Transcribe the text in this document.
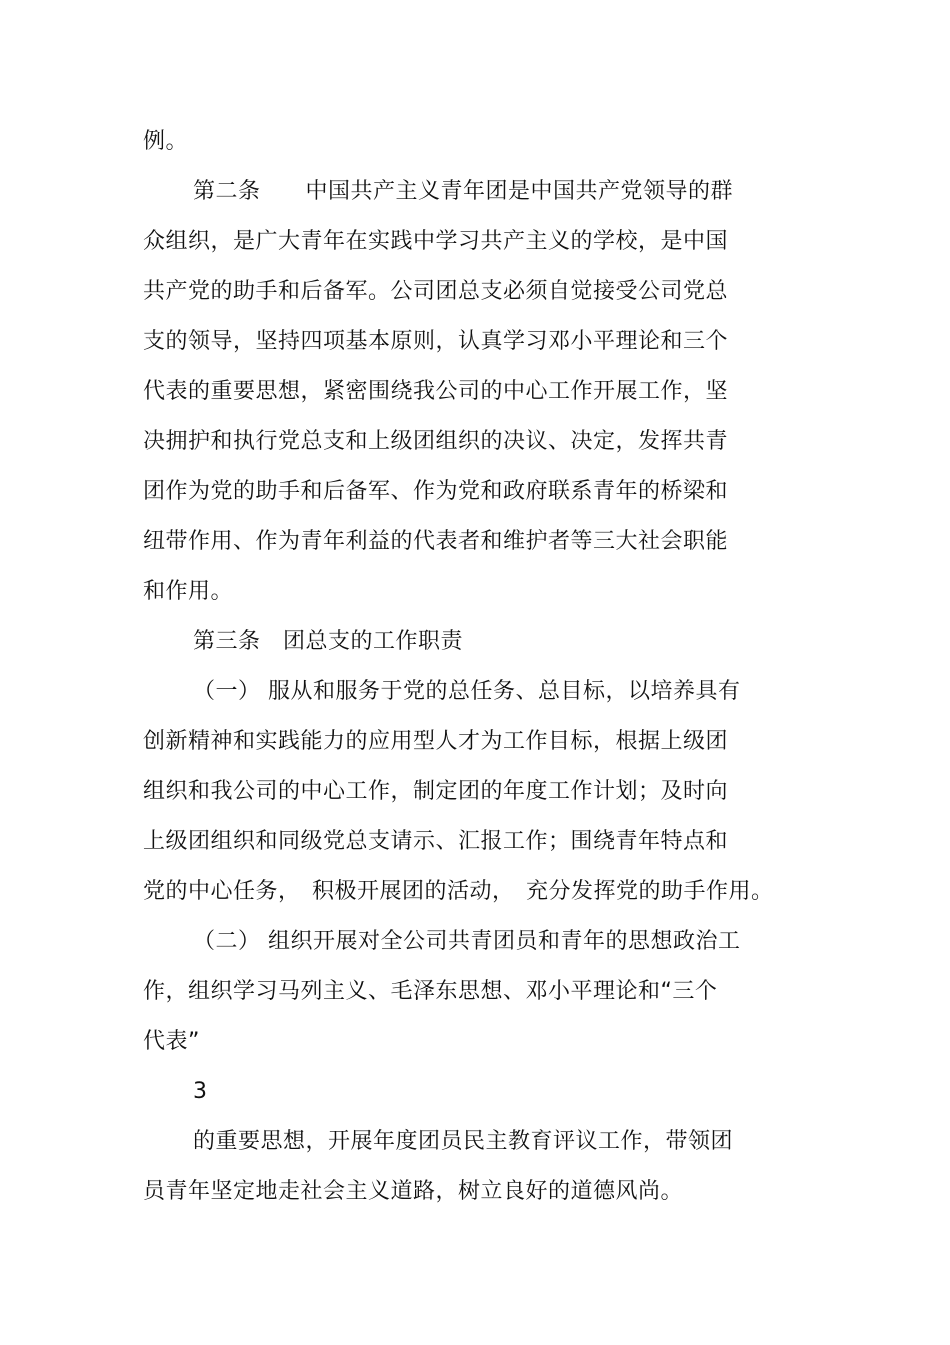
例。
第二条　　中国共产主义青年团是中国共产党领导的群
众组织，是广大青年在实践中学习共产主义的学校，是中国
共产党的助手和后备军。公司团总支必须自觉接受公司党总
支的领导，坚持四项基本原则，认真学习邓小平理论和三个
代表的重要思想，紧密围绕我公司的中心工作开展工作，坚
决拥护和执行党总支和上级团组织的决议、决定，发挥共青
团作为党的助手和后备军、作为党和政府联系青年的桥梁和
纽带作用、作为青年利益的代表者和维护者等三大社会职能
和作用。
第三条　团总支的工作职责
（一） 服从和服务于党的总任务、总目标，以培养具有
创新精神和实践能力的应用型人才为工作目标，根据上级团
组织和我公司的中心工作，制定团的年度工作计划；及时向
上级团组织和同级党总支请示、汇报工作；围绕青年特点和
党的中心任务，　积极开展团的活动，　充分发挥党的助手作用。
（二） 组织开展对全公司共青团员和青年的思想政治工
作，组织学习马列主义、毛泽东思想、邓小平理论和“三个
代表”
3
的重要思想，开展年度团员民主教育评议工作，带领团
员青年坚定地走社会主义道路，树立良好的道德风尚。
